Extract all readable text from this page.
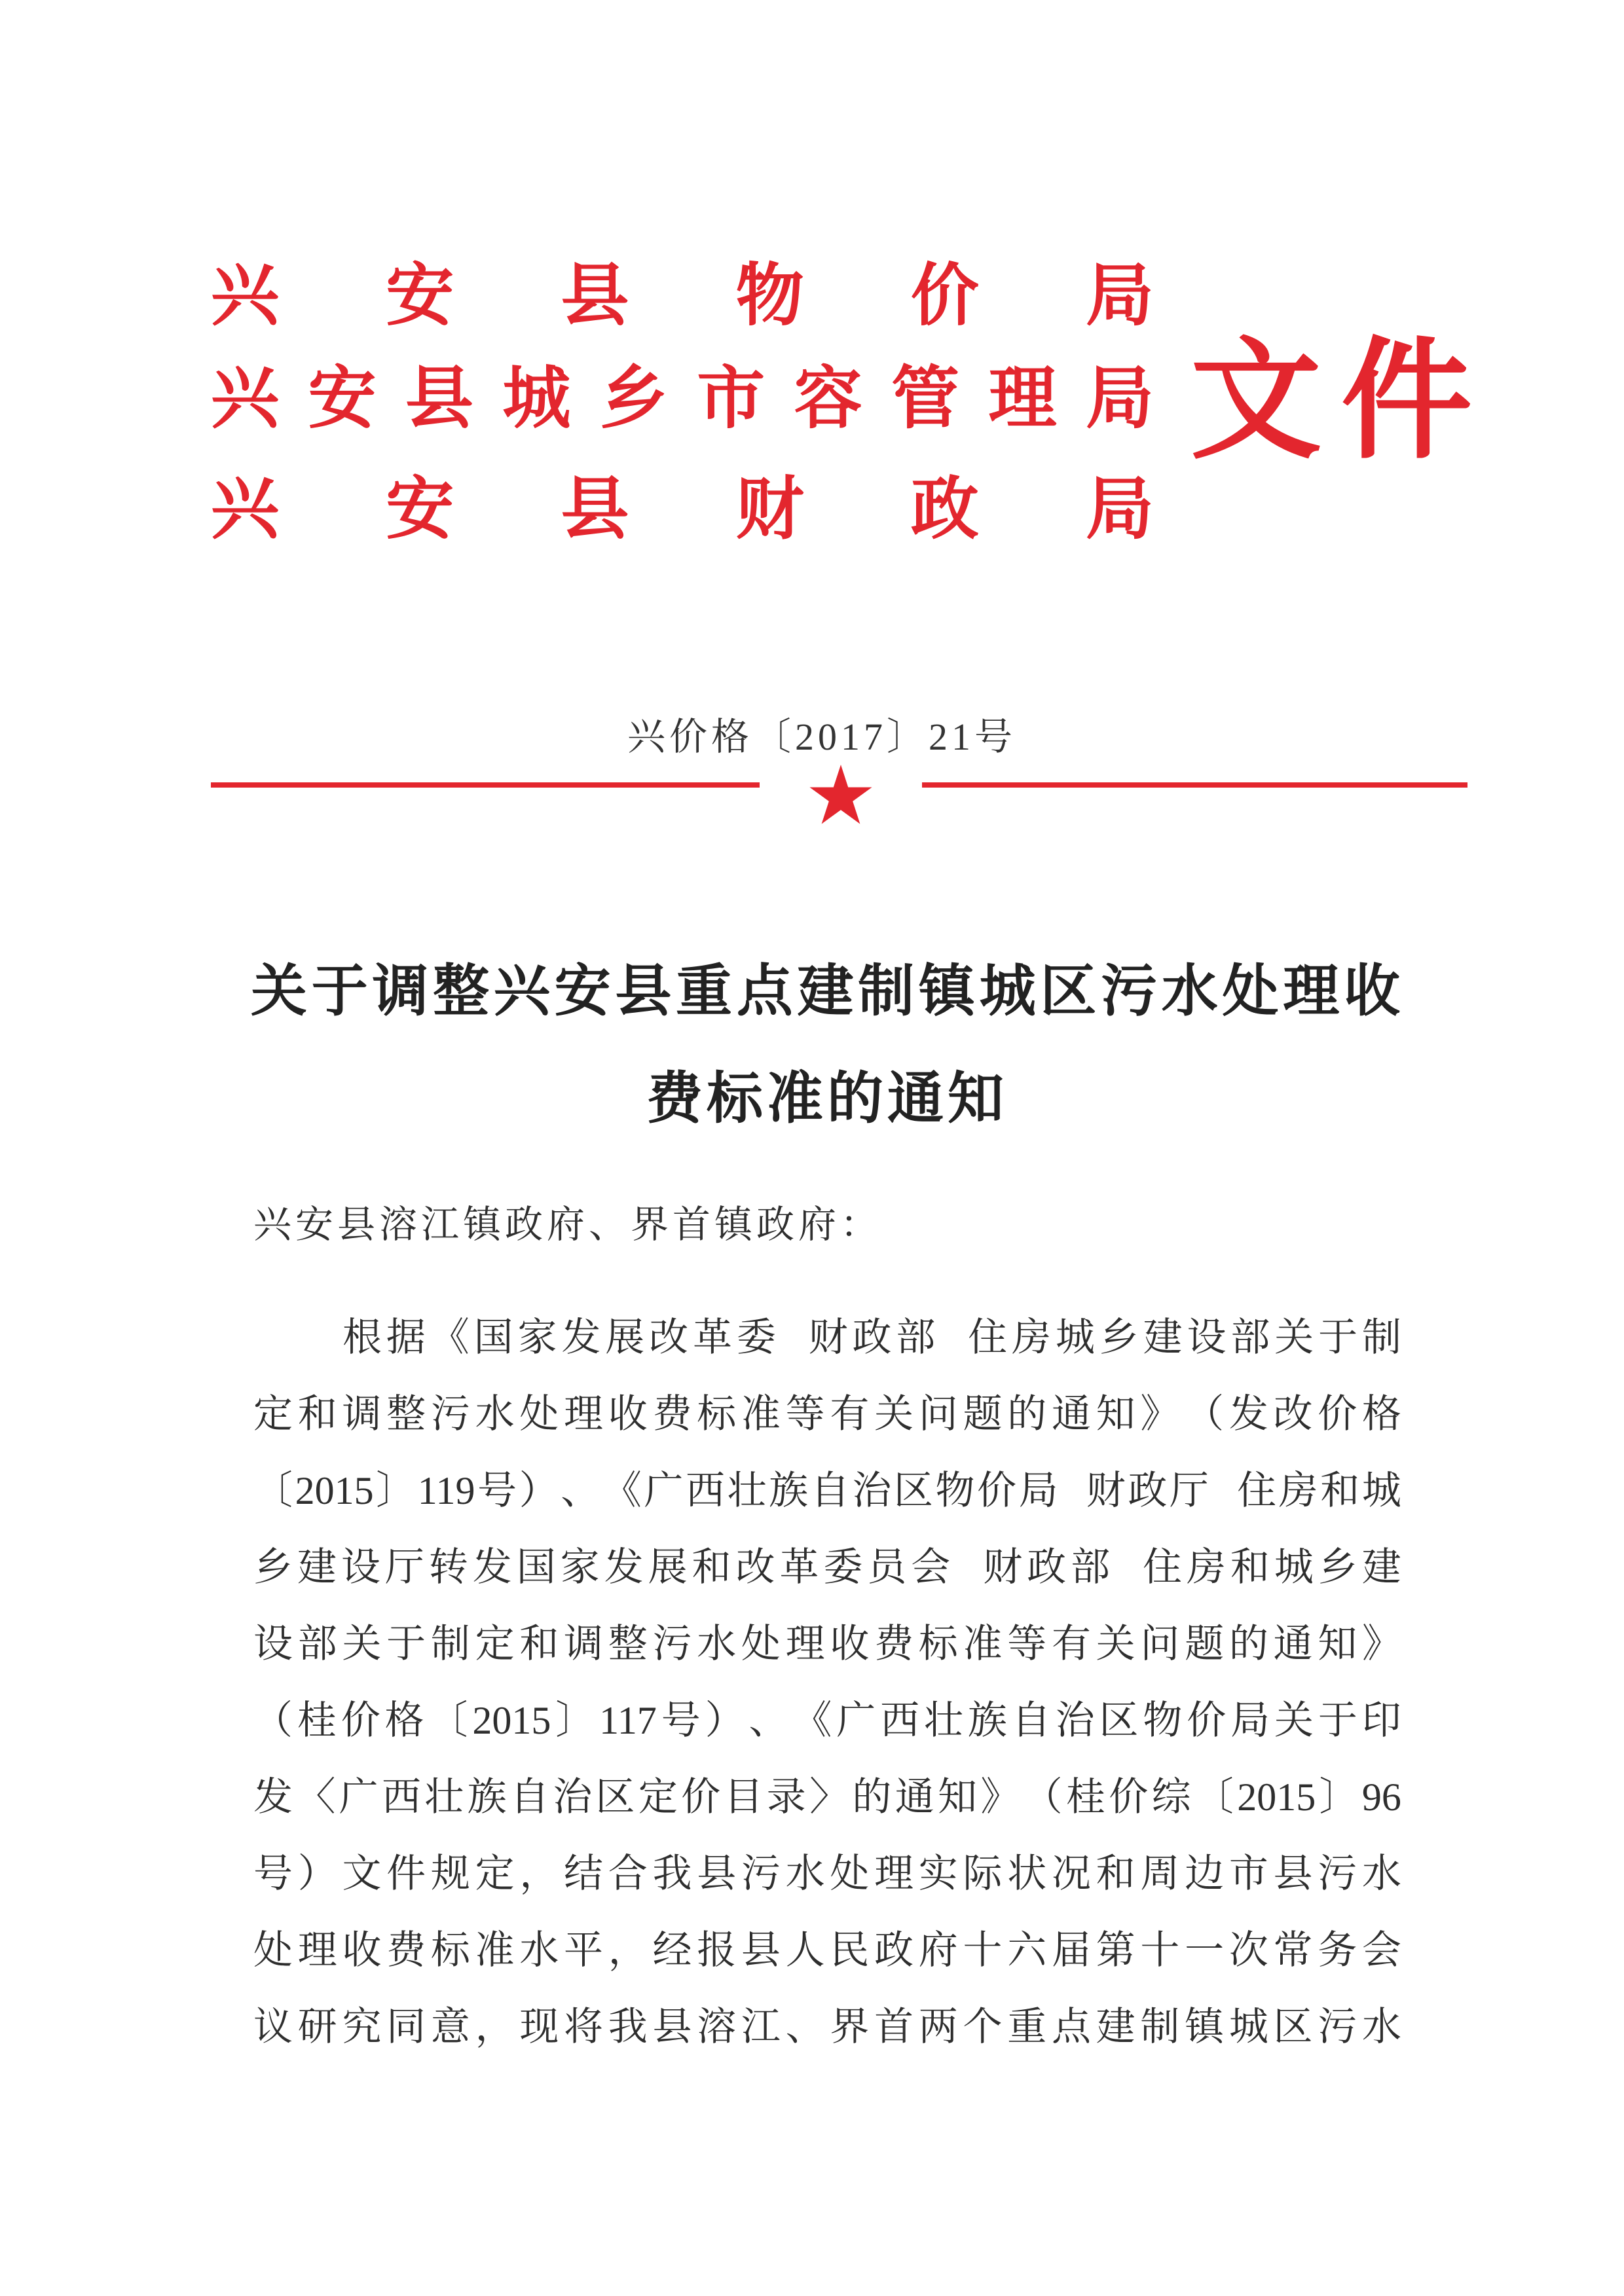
兴 安 县 物 价 局
兴 安 县 城 乡 市 容 管 理 局
兴 安 县 财 政 局
文 件
兴价格〔2017〕21号
关 于 调 整 兴 安 县 重 点 建 制 镇 城 区 污 水 处 理 收
费标准的通知
兴安县溶江镇政府、界首镇政府：
根 据 《 国 家 发 展 改 革 委
财 政 部
住 房 城 乡 建 设 部 关 于 制
定 和 调 整 污 水 处 理 收 费 标 准 等 有 关 问 题 的 通 知 》 （ 发 改 价 格
〔 2015 〕 119 号 ） 、 《 广 西 壮 族 自 治 区 物 价 局
财 政 厅
住 房 和 城
乡 建 设 厅 转 发 国 家 发 展 和 改 革 委 员 会
财 政 部
住 房 和 城 乡 建
设 部 关 于 制 定 和 调 整 污 水 处 理 收 费 标 准 等 有 关 问 题 的 通 知 》
（ 桂 价 格 〔 2015 〕 117 号 ） 、 《 广 西 壮 族 自 治 区 物 价 局 关 于 印
发 〈 广 西 壮 族 自 治 区 定 价 目 录 〉 的 通 知 》 （ 桂 价 综 〔 2015 〕 96
号 ） 文 件 规 定 ， 结 合 我 县 污 水 处 理 实 际 状 况 和 周 边 市 县 污 水
处 理 收 费 标 准 水 平 ， 经 报 县 人 民 政 府 十 六 届 第 十 一 次 常 务 会
议 研 究 同 意 ， 现 将 我 县 溶 江 、 界 首 两 个 重 点 建 制 镇 城 区 污 水
